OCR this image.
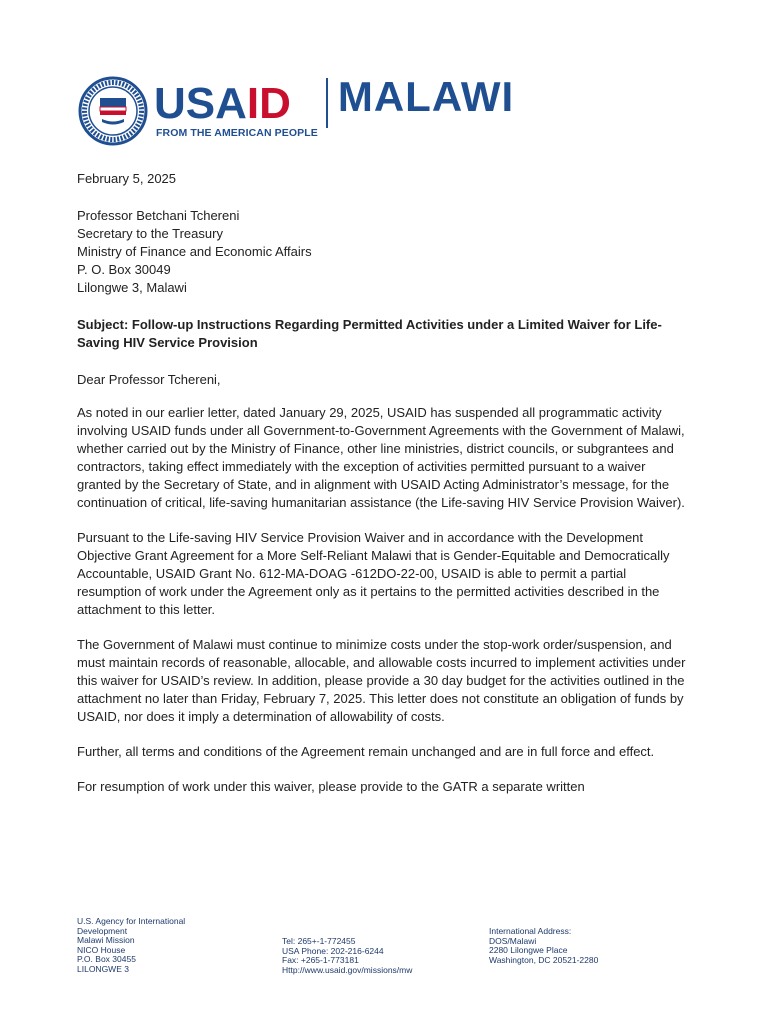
USAID
FROM THE AMERICAN PEOPLE
MALAWI
February 5, 2025
Professor Betchani Tchereni
Secretary to the Treasury
Ministry of Finance and Economic Affairs
P. O. Box 30049
Lilongwe 3, Malawi
Subject: Follow-up Instructions Regarding Permitted Activities under a Limited Waiver for Life-Saving HIV Service Provision
Dear Professor Tchereni,

As noted in our earlier letter, dated January 29, 2025, USAID has suspended all programmatic activity involving USAID funds under all Government-to-Government Agreements with the Government of Malawi, whether carried out by the Ministry of Finance, other line ministries, district councils, or subgrantees and contractors, taking effect immediately with the exception of activities permitted pursuant to a waiver granted by the Secretary of State, and in alignment with USAID Acting Administrator’s message, for the continuation of critical, life-saving humanitarian assistance (the Life-saving HIV Service Provision Waiver).

Pursuant to the Life-saving HIV Service Provision Waiver and in accordance with the Development Objective Grant Agreement for a More Self-Reliant Malawi that is Gender-Equitable and Democratically Accountable, USAID Grant No. 612-MA-DOAG -612DO-22-00, USAID is able to permit a partial resumption of work under the Agreement only as it pertains to the permitted activities described in the attachment to this letter.

The Government of Malawi must continue to minimize costs under the stop-work order/suspension, and must maintain records of reasonable, allocable, and allowable costs incurred to implement activities under this waiver for USAID’s review. In addition, please provide a 30 day budget for the activities outlined in the attachment no later than Friday, February 7, 2025. This letter does not constitute an obligation of funds by USAID, nor does it imply a determination of allowability of costs.

Further, all terms and conditions of the Agreement remain unchanged and are in full force and effect.

For resumption of work under this waiver, please provide to the GATR a separate written

U.S. Agency for International
Development
Malawi Mission
NICO House
P.O. Box 30455
LILONGWE 3
Tel: 265+-1-772455
USA Phone: 202-216-6244
Fax: +265-1-773181
Http://www.usaid.gov/missions/mw
International Address:
DOS/Malawi
2280 Lilongwe Place
Washington, DC 20521-2280
